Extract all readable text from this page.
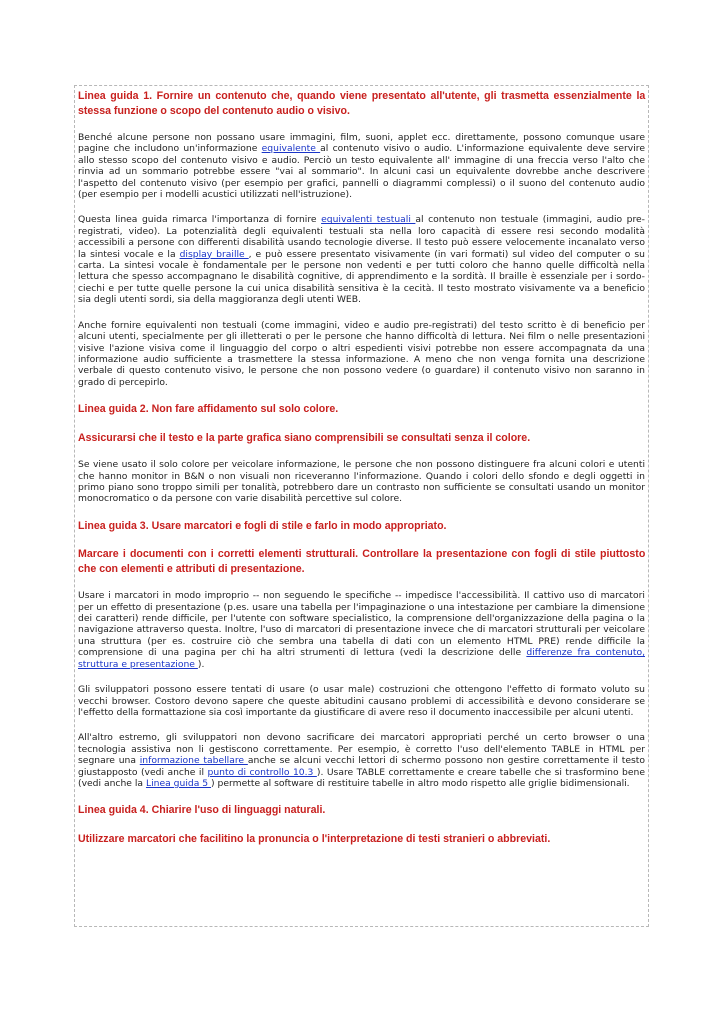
Linea guida 1. Fornire un contenuto che, quando viene presentato all'utente, gli trasmetta essenzialmente la stessa funzione o scopo del contenuto audio o visivo.

Benché alcune persone non possano usare immagini, film, suoni, applet ecc. direttamente, possono comunque usare pagine che includono un'informazione equivalente al contenuto visivo o audio. L'informazione equivalente deve servire allo stesso scopo del contenuto visivo e audio. Perciò un testo equivalente all' immagine di una freccia verso l'alto che rinvia ad un sommario potrebbe essere "vai al sommario". In alcuni casi un equivalente dovrebbe anche descrivere l'aspetto del contenuto visivo (per esempio per grafici, pannelli o diagrammi complessi) o il suono del contenuto audio (per esempio per i modelli acustici utilizzati nell'istruzione).

Questa linea guida rimarca l'importanza di fornire equivalenti testuali al contenuto non testuale (immagini, audio pre-registrati, video). La potenzialità degli equivalenti testuali sta nella loro capacità di essere resi secondo modalità accessibili a persone con differenti disabilità usando tecnologie diverse. Il testo può essere velocemente incanalato verso la sintesi vocale e la display braille , e può essere presentato visivamente (in vari formati) sul video del computer o su carta. La sintesi vocale è fondamentale per le persone non vedenti e per tutti coloro che hanno quelle difficoltà nella lettura che spesso accompagnano le disabilità cognitive, di apprendimento e la sordità. Il braille è essenziale per i sordo-ciechi e per tutte quelle persone la cui unica disabilità sensitiva è la cecità. Il testo mostrato visivamente va a beneficio sia degli utenti sordi, sia della maggioranza degli utenti WEB.

Anche fornire equivalenti non testuali (come immagini, video e audio pre-registrati) del testo scritto è di beneficio per alcuni utenti, specialmente per gli illetterati o per le persone che hanno difficoltà di lettura. Nei film o nelle presentazioni visive l'azione visiva come il linguaggio del corpo o altri espedienti visivi potrebbe non essere accompagnata da una informazione audio sufficiente a trasmettere la stessa informazione. A meno che non venga fornita una descrizione verbale di questo contenuto visivo, le persone che non possono vedere (o guardare) il contenuto visivo non saranno in grado di percepirlo.

Linea guida 2. Non fare affidamento sul solo colore.
Assicurarsi che il testo e la parte grafica siano comprensibili se consultati senza il colore.

Se viene usato il solo colore per veicolare informazione, le persone che non possono distinguere fra alcuni colori e utenti che hanno monitor in B&N o non visuali non riceveranno l'informazione. Quando i colori dello sfondo e degli oggetti in primo piano sono troppo simili per tonalità, potrebbero dare un contrasto non sufficiente se consultati usando un monitor monocromatico o da persone con varie disabilità percettive sul colore.

Linea guida 3. Usare marcatori e fogli di stile e farlo in modo appropriato.
Marcare i documenti con i corretti elementi strutturali. Controllare la presentazione con fogli di stile piuttosto che con elementi e attributi di presentazione.

Usare i marcatori in modo improprio -- non seguendo le specifiche -- impedisce l'accessibilità. Il cattivo uso di marcatori per un effetto di presentazione (p.es. usare una tabella per l'impaginazione o una intestazione per cambiare la dimensione dei caratteri) rende difficile, per l'utente con software specialistico, la comprensione dell'organizzazione della pagina o la navigazione attraverso questa. Inoltre, l'uso di marcatori di presentazione invece che di marcatori strutturali per veicolare una struttura (per es. costruire ciò che sembra una tabella di dati con un elemento HTML PRE) rende difficile la comprensione di una pagina per chi ha altri strumenti di lettura (vedi la descrizione delle differenze fra contenuto, struttura e presentazione ).

Gli sviluppatori possono essere tentati di usare (o usar male) costruzioni che ottengono l'effetto di formato voluto su vecchi browser. Costoro devono sapere che queste abitudini causano problemi di accessibilità e devono considerare se l'effetto della formattazione sia così importante da giustificare di avere reso il documento inaccessibile per alcuni utenti.

All'altro estremo, gli sviluppatori non devono sacrificare dei marcatori appropriati perché un certo browser o una tecnologia assistiva non li gestiscono correttamente. Per esempio, è corretto l'uso dell'elemento TABLE in HTML per segnare una informazione tabellare anche se alcuni vecchi lettori di schermo possono non gestire correttamente il testo giustapposto (vedi anche il punto di controllo 10.3 ). Usare TABLE correttamente e creare tabelle che si trasformino bene (vedi anche la Linea guida 5 ) permette al software di restituire tabelle in altro modo rispetto alle griglie bidimensionali.

Linea guida 4. Chiarire l'uso di linguaggi naturali.
Utilizzare marcatori che facilitino la pronuncia o l'interpretazione di testi stranieri o abbreviati.
